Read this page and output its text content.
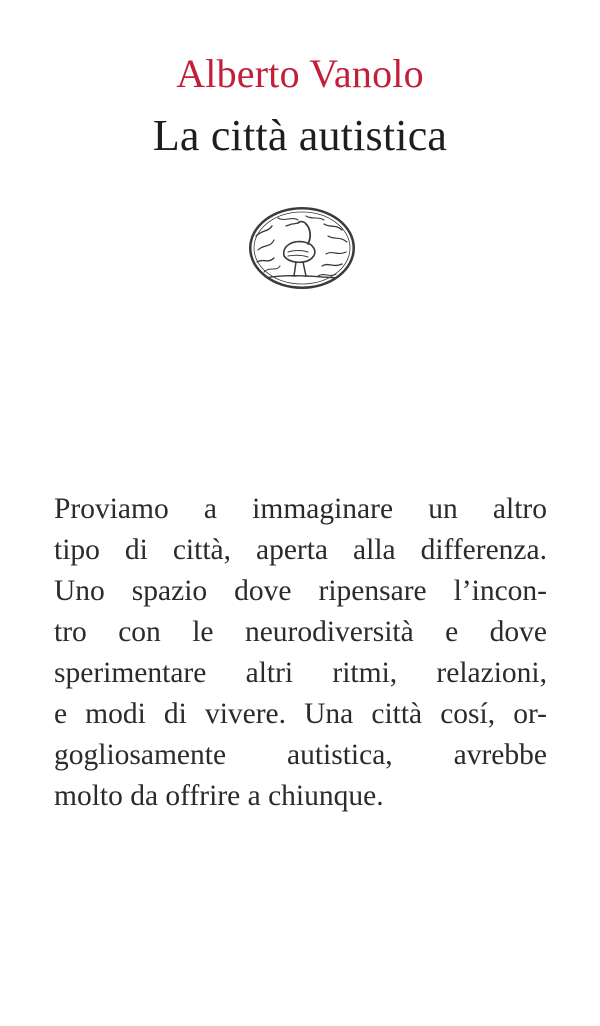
Alberto Vanolo
La città autistica
Proviamo a immaginare un altro
tipo di città, aperta alla differenza.
Uno spazio dove ripensare l’incon-
tro con le neurodiversità e dove
sperimentare altri ritmi, relazioni,
e modi di vivere. Una città cosí, or-
gogliosamente autistica, avrebbe
molto da offrire a chiunque.
